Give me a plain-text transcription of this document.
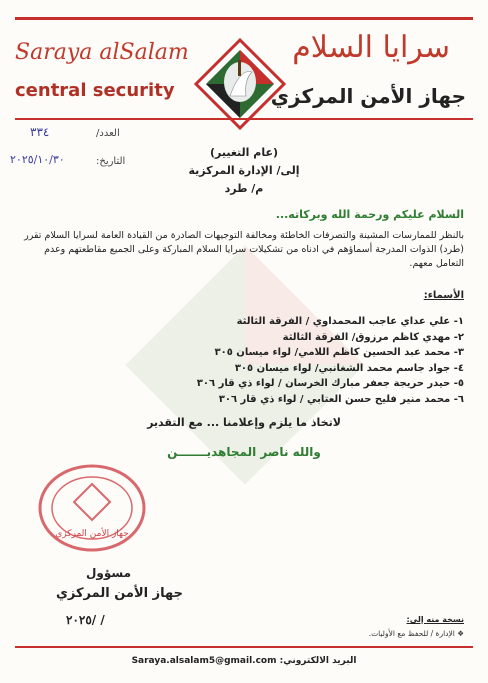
Saraya alSalam
central security
سرايا السلام
جهاز الأمن المركزي
العدد/
٣٣٤
التاريخ:
٢٠٢٥/١٠/٣٠
(عام التغيير)
إلى/ الإدارة المركزية
م/ طرد
السلام عليكم ورحمة الله وبركاته...
بالنظر للممارسات المشينة والتصرفات الخاطئة ومخالفة التوجيهات الصادرة من القيادة العامة لسرايا السلام تقرر (طرد) الذوات المدرجة أسماؤهم في ادناه من تشكيلات سرايا السلام المباركة وعلى الجميع مقاطعتهم وعدم التعامل معهم.
الأسماء:
١- علي عداي عاجب المحمداوي / الفرقة الثالثة
٢- مهدي كاظم مرزوق/ الفرقة الثالثة
٣- محمد عبد الحسين كاظم اللامي/ لواء ميسان ٣٠٥
٤- جواد جاسم محمد الشغانبي/ لواء ميسان ٣٠٥
٥- حيدر حريجة جعفر مبارك الخرسان / لواء ذي قار ٣٠٦
٦- محمد منير فليح حسن العتابي / لواء ذي قار ٣٠٦
لاتخاذ ما يلزم وإعلامنا ... مع التقدير
والله ناصر المجاهديـــــــن
جهاز الأمن المركزي
مسؤول
جهاز الأمن المركزي
٢٠٢٥/ /	نسخة منه إلى:
❖ الإدارة / للحفظ مع الأوليات.
البريد الالكتروني: Saraya.alsalam5@gmail.com
